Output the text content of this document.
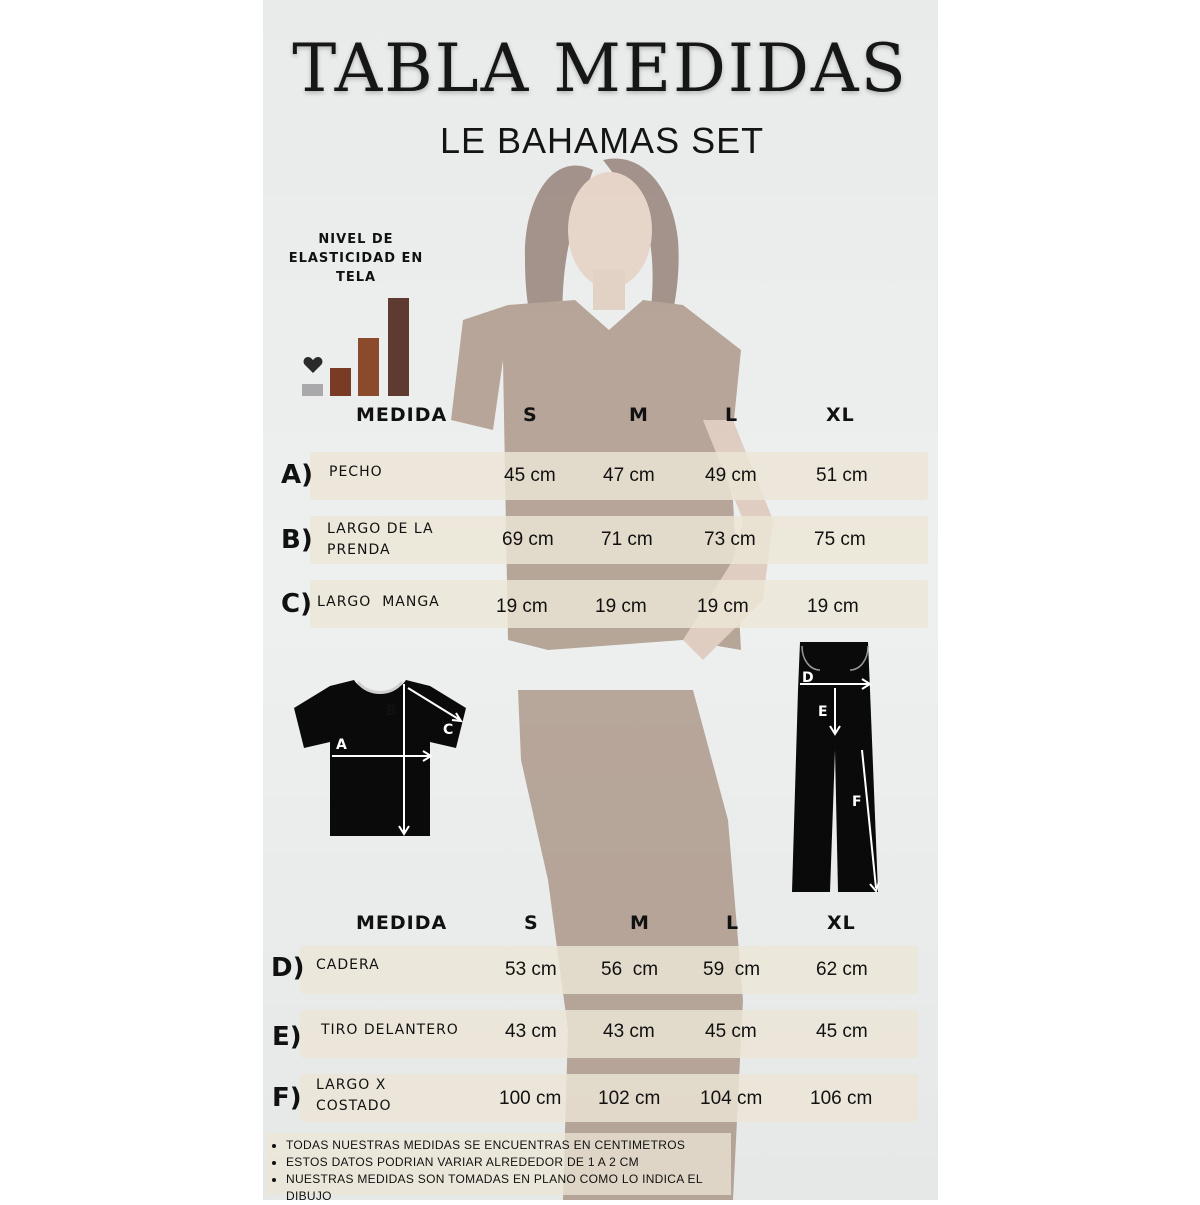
TABLA MEDIDAS
LE BAHAMAS SET
NIVEL DE ELASTICIDAD EN TELA
MEDIDA	S	M	L	XL
A) PECHO	45 cm 47 cm	49 cm	51 cm
B) LARGO DE LA PRENDA	69 cm 71 cm	73 cm	75 cm
C) LARGO  MANGA	19 cm 19 cm	19 cm	19 cm
A
B
C
D
E
F
MEDIDA	S	M	L	XL
D) CADERA	53 cm 56  cm 59  cm	62 cm
E) TIRO DELANTERO 43 cm 43 cm	45 cm	45 cm
F) LARGO X COSTADO	100 cm 102 cm 104 cm	106 cm
• TODAS NUESTRAS MEDIDAS SE ENCUENTRAS EN CENTIMETROS
• ESTOS DATOS PODRIAN VARIAR ALREDEDOR DE 1 A 2 CM
• NUESTRAS MEDIDAS SON TOMADAS EN PLANO COMO LO INDICA EL DIBUJO
